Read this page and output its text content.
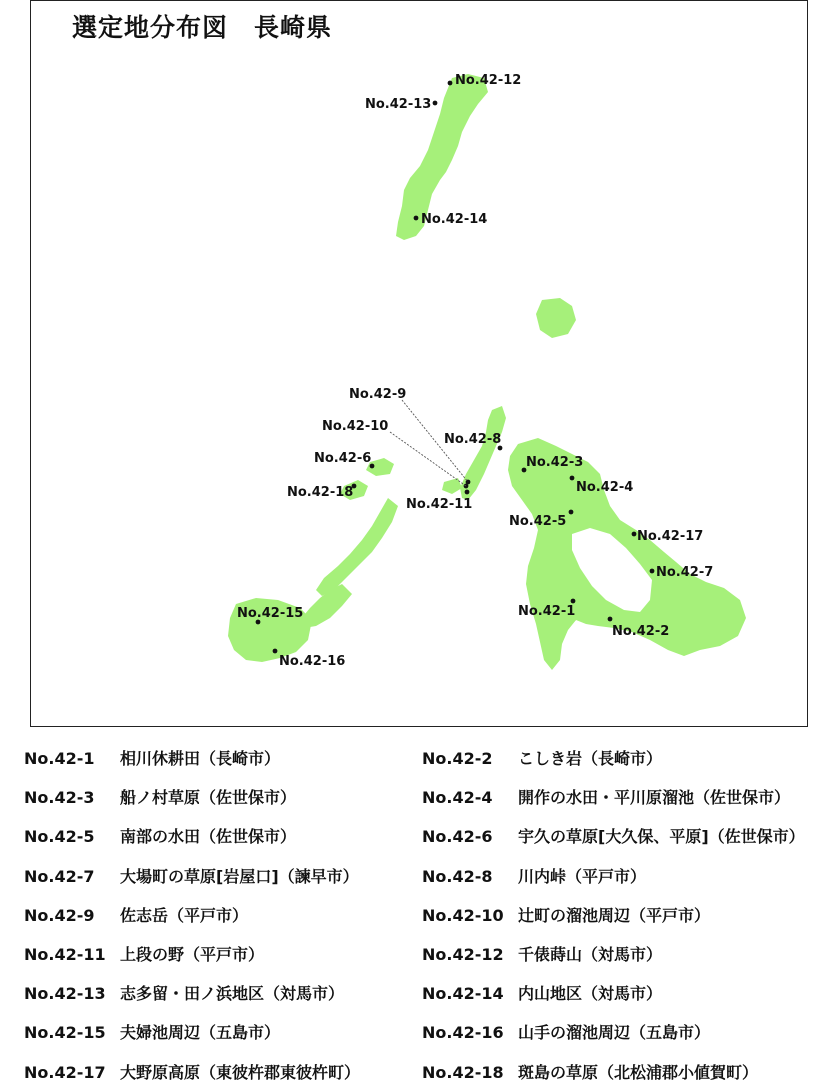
No.42-1
No.42-2
No.42-3
No.42-4
No.42-5
No.42-6
No.42-7
No.42-8
No.42-9
No.42-10
No.42-11
No.42-12
No.42-13
No.42-14
No.42-15
No.42-16
No.42-17
No.42-18
選定地分布図　長崎県
No.42-1 相川休耕田（長崎市）	No.42-2 こしき岩（長崎市）
No.42-3 船ノ村草原（佐世保市）	No.42-4 開作の水田・平川原溜池（佐世保市）
No.42-5 南部の水田（佐世保市）	No.42-6 宇久の草原[大久保、平原]（佐世保市）
No.42-7 大場町の草原[岩屋口]（諫早市）	No.42-8 川内峠（平戸市）
No.42-9 佐志岳（平戸市）	No.42-10 辻町の溜池周辺（平戸市）
No.42-11 上段の野（平戸市）	No.42-12 千俵蒔山（対馬市）
No.42-13 志多留・田ノ浜地区（対馬市）	No.42-14 内山地区（対馬市）
No.42-15 夫婦池周辺（五島市）	No.42-16 山手の溜池周辺（五島市）
No.42-17 大野原高原（東彼杵郡東彼杵町）	No.42-18 斑島の草原（北松浦郡小値賀町）
